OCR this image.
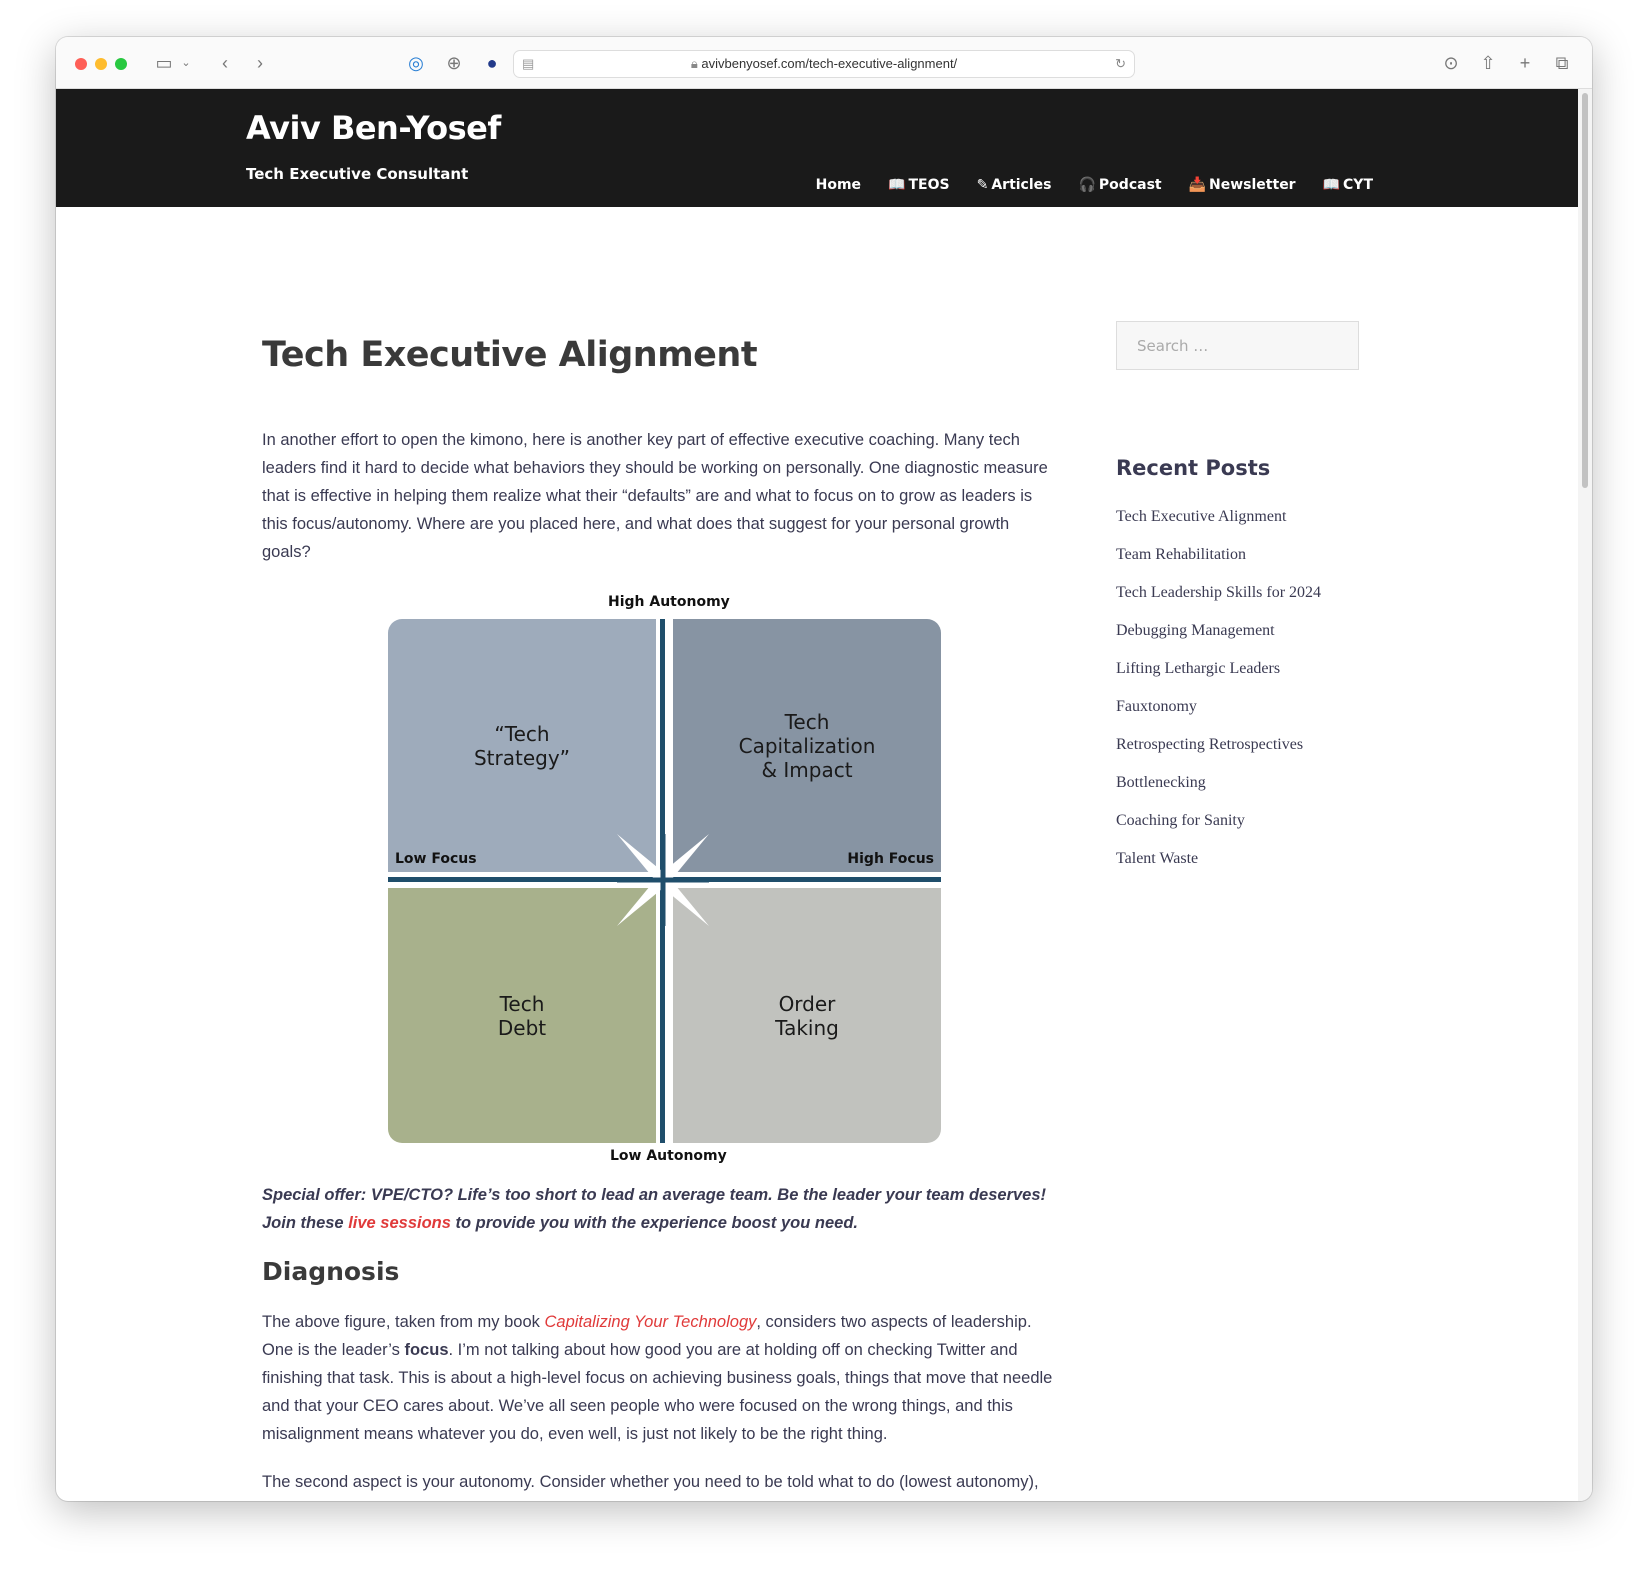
▭ ⌄	‹	›	◎ ⊕	●	▤	🔒︎ avivbenyosef.com/tech-executive-alignment/	↻	⊙ ⇧	+	⧉
Aviv Ben-Yosef
Tech Executive Consultant
Home 📖 TEOS ✎ Articles 🎧 Podcast 📥 Newsletter 📖 CYT
Tech Executive Alignment

In another effort to open the kimono, here is another key part of effective executive coaching. Many tech leaders find it hard to decide what behaviors they should be working on personally. One diagnostic measure that is effective in helping them realize what their “defaults” are and what to focus on to grow as leaders is this focus/autonomy. Where are you placed here, and what does that suggest for your personal growth goals?

High Autonomy
“Tech
Strategy”
Tech
Capitalization
& Impact
Tech
Debt
Order
Taking
Low Focus	High Focus
Low Autonomy

Special offer: VPE/CTO? Life’s too short to lead an average team. Be the leader your team deserves! Join these live sessions to provide you with the experience boost you need.

Diagnosis

The above figure, taken from my book Capitalizing Your Technology, considers two aspects of leadership. One is the leader’s focus. I’m not talking about how good you are at holding off on checking Twitter and finishing that task. This is about a high-level focus on achieving business goals, things that move that needle and that your CEO cares about. We’ve all seen people who were focused on the wrong things, and this misalignment means whatever you do, even well, is just not likely to be the right thing.

The second aspect is your autonomy. Consider whether you need to be told what to do (lowest autonomy),

Search …
Recent Posts
Tech Executive Alignment
Team Rehabilitation
Tech Leadership Skills for 2024
Debugging Management
Lifting Lethargic Leaders
Fauxtonomy
Retrospecting Retrospectives
Bottlenecking
Coaching for Sanity
Talent Waste
